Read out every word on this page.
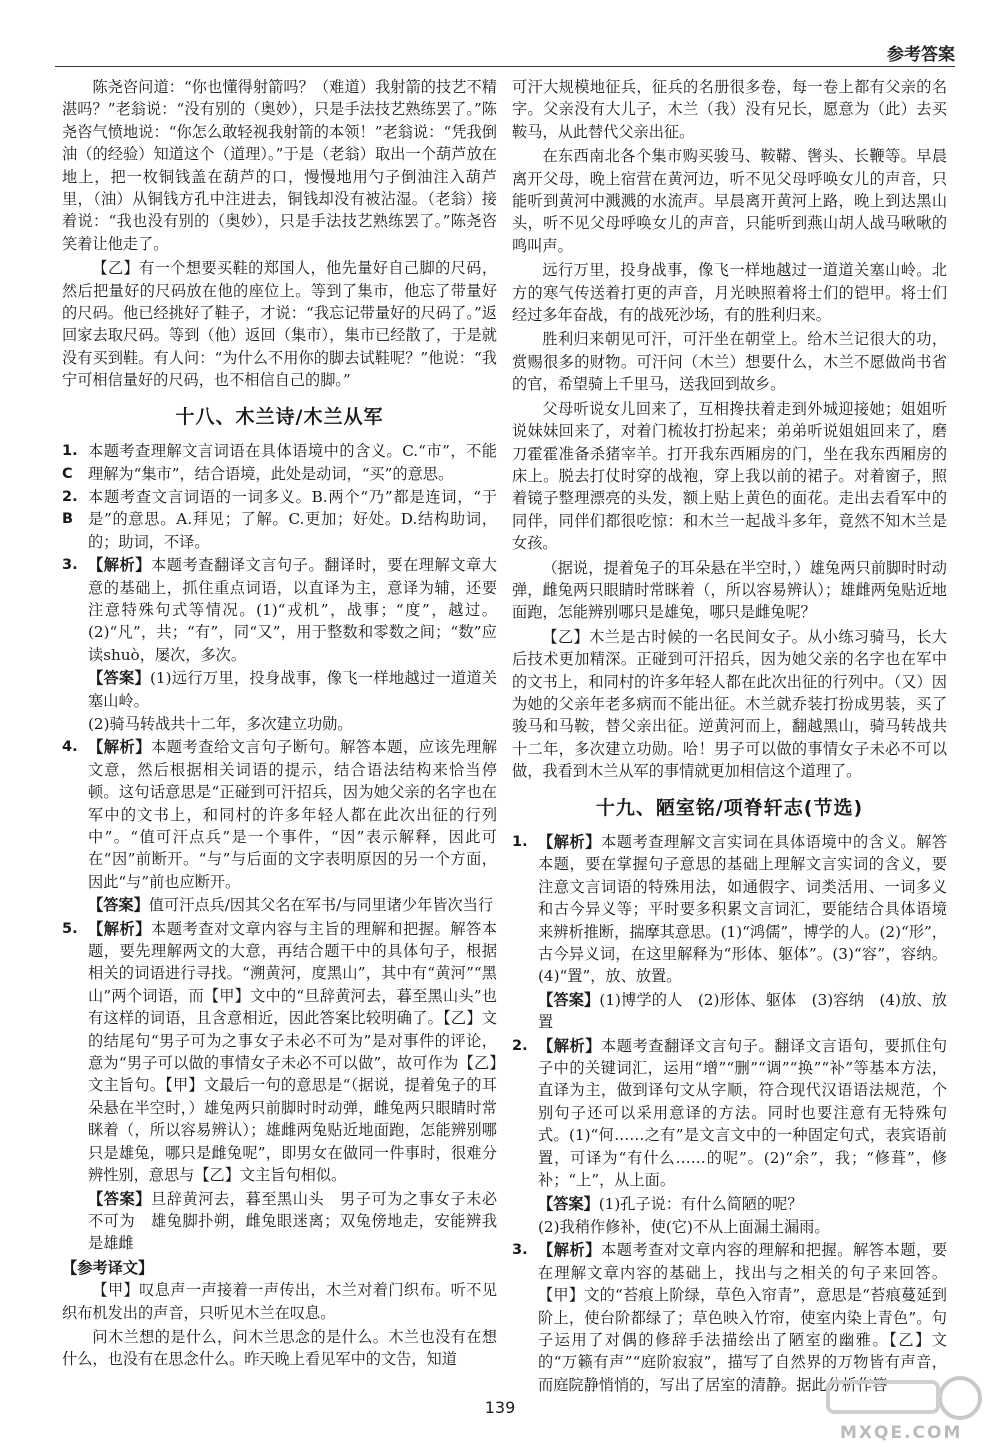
参考答案

陈尧咨问道：“你也懂得射箭吗？（难道）我射箭的技艺不精湛吗？”老翁说：“没有别的（奥妙），只是手法技艺熟练罢了。”陈尧咨气愤地说：“你怎么敢轻视我射箭的本领！”老翁说：“凭我倒油（的经验）知道这个（道理）。”于是（老翁）取出一个葫芦放在地上，把一枚铜钱盖在葫芦的口，慢慢地用勺子倒油注入葫芦里，（油）从铜钱方孔中注进去，铜钱却没有被沾湿。（老翁）接着说：“我也没有别的（奥妙），只是手法技艺熟练罢了。”陈尧咨笑着让他走了。

【乙】有一个想要买鞋的郑国人，他先量好自己脚的尺码，然后把量好的尺码放在他的座位上。等到了集市，他忘了带量好的尺码。他已经挑好了鞋子，才说：“我忘记带量好的尺码了。”返回家去取尺码。等到（他）返回（集市），集市已经散了，于是就没有买到鞋。有人问：“为什么不用你的脚去试鞋呢？”他说：“我宁可相信量好的尺码，也不相信自己的脚。”

十八、木兰诗/木兰从军
1. C
本题考查理解文言词语在具体语境中的含义。C.“市”，不能理解为“集市”，结合语境，此处是动词，“买”的意思。
2. B
本题考查文言词语的一词多义。B.两个“乃”都是连词，“于是”的意思。A.拜见；了解。C.更加；好处。D.结构助词，的；助词，不译。
3. 【解析】本题考查翻译文言句子。翻译时，要在理解文章大意的基础上，抓住重点词语，以直译为主，意译为辅，还要注意特殊句式等情况。(1)“戎机”，战事；“度”，越过。(2)“凡”，共；“有”，同“又”，用于整数和零数之间；“数”应读shuò，屡次，多次。
【答案】(1)远行万里，投身战事，像飞一样地越过一道道关塞山岭。
(2)骑马转战共十二年，多次建立功勋。
4. 【解析】本题考查给文言句子断句。解答本题，应该先理解文意，然后根据相关词语的提示，结合语法结构来恰当停顿。这句话意思是“正碰到可汗招兵，因为她父亲的名字也在军中的文书上，和同村的许多年轻人都在此次出征的行列中”。“值可汗点兵”是一个事件，“因”表示解释，因此可在“因”前断开。“与”与后面的文字表明原因的另一个方面，因此“与”前也应断开。
【答案】值可汗点兵/因其父名在军书/与同里诸少年皆次当行
5. 【解析】本题考查对文章内容与主旨的理解和把握。解答本题，要先理解两文的大意，再结合题干中的具体句子，根据相关的词语进行寻找。“溯黄河，度黑山”，其中有“黄河”“黑山”两个词语，而【甲】文中的“旦辞黄河去，暮至黑山头”也有这样的词语，且含意相近，因此答案比较明确了。【乙】文的结尾句“男子可为之事女子未必不可为”是对事件的评论，意为“男子可以做的事情女子未必不可以做”，故可作为【乙】文主旨句。【甲】文最后一句的意思是“（据说，提着兔子的耳朵悬在半空时，）雄兔两只前脚时时动弹，雌兔两只眼睛时常眯着（，所以容易辨认）；雄雌两兔贴近地面跑，怎能辨别哪只是雄兔，哪只是雌兔呢”，即男女在做同一件事时，很难分辨性别，意思与【乙】文主旨句相似。
【答案】旦辞黄河去，暮至黑山头　男子可为之事女子未必不可为　雄兔脚扑朔，雌兔眼迷离；双兔傍地走，安能辨我是雄雌
【参考译文】

【甲】叹息声一声接着一声传出，木兰对着门织布。听不见织布机发出的声音，只听见木兰在叹息。

问木兰想的是什么，问木兰思念的是什么。木兰也没有在想什么，也没有在思念什么。昨天晚上看见军中的文告，知道

可汗大规模地征兵，征兵的名册很多卷，每一卷上都有父亲的名字。父亲没有大儿子，木兰（我）没有兄长，愿意为（此）去买鞍马，从此替代父亲出征。

在东西南北各个集市购买骏马、鞍鞯、辔头、长鞭等。早晨离开父母，晚上宿营在黄河边，听不见父母呼唤女儿的声音，只能听到黄河中溅溅的水流声。早晨离开黄河上路，晚上到达黑山头，听不见父母呼唤女儿的声音，只能听到燕山胡人战马啾啾的鸣叫声。

远行万里，投身战事，像飞一样地越过一道道关塞山岭。北方的寒气传送着打更的声音，月光映照着将士们的铠甲。将士们经过多年奋战，有的战死沙场，有的胜利归来。

胜利归来朝见可汗，可汗坐在朝堂上。给木兰记很大的功，赏赐很多的财物。可汗问（木兰）想要什么，木兰不愿做尚书省的官，希望骑上千里马，送我回到故乡。

父母听说女儿回来了，互相搀扶着走到外城迎接她；姐姐听说妹妹回来了，对着门梳妆打扮起来；弟弟听说姐姐回来了，磨刀霍霍准备杀猪宰羊。打开我东西厢房的门，坐在我东西厢房的床上。脱去打仗时穿的战袍，穿上我以前的裙子。对着窗子，照着镜子整理漂亮的头发，额上贴上黄色的面花。走出去看军中的同伴，同伴们都很吃惊：和木兰一起战斗多年，竟然不知木兰是女孩。

（据说，提着兔子的耳朵悬在半空时，）雄兔两只前脚时时动弹，雌兔两只眼睛时常眯着（，所以容易辨认）；雄雌两兔贴近地面跑，怎能辨别哪只是雄兔，哪只是雌兔呢？

【乙】木兰是古时候的一名民间女子。从小练习骑马，长大后技术更加精深。正碰到可汗招兵，因为她父亲的名字也在军中的文书上，和同村的许多年轻人都在此次出征的行列中。（又）因为她的父亲年老多病而不能出征。木兰就乔装打扮成男装，买了骏马和马鞍，替父亲出征。逆黄河而上，翻越黑山，骑马转战共十二年，多次建立功勋。哈！男子可以做的事情女子未必不可以做，我看到木兰从军的事情就更加相信这个道理了。

十九、陋室铭/项脊轩志(节选)
1. 【解析】本题考查理解文言实词在具体语境中的含义。解答本题，要在掌握句子意思的基础上理解文言实词的含义，要注意文言词语的特殊用法，如通假字、词类活用、一词多义和古今异义等；平时要多积累文言词汇，要能结合具体语境来辨析推断，揣摩其意思。(1)“鸿儒”，博学的人。(2)“形”，古今异义词，在这里解释为“形体、躯体”。(3)“容”，容纳。(4)“置”，放、放置。
【答案】(1)博学的人　(2)形体、躯体　(3)容纳　(4)放、放置
2. 【解析】本题考查翻译文言句子。翻译文言语句，要抓住句子中的关键词汇，运用“增”“删”“调”“换”“补”等基本方法，直译为主，做到译句文从字顺，符合现代汉语语法规范，个别句子还可以采用意译的方法。同时也要注意有无特殊句式。(1)“何……之有”是文言文中的一种固定句式，表宾语前置，可译为“有什么……的呢”。(2)“余”，我；“修葺”，修补；“上”，从上面。
【答案】(1)孔子说：有什么简陋的呢？
(2)我稍作修补，使(它)不从上面漏土漏雨。
3. 【解析】本题考查对文章内容的理解和把握。解答本题，要在理解文章内容的基础上，找出与之相关的句子来回答。【甲】文的“苔痕上阶绿，草色入帘青”，意思是“苔痕蔓延到阶上，使台阶都绿了；草色映入竹帘，使室内染上青色”。句子运用了对偶的修辞手法描绘出了陋室的幽雅。【乙】文的“万籁有声”“庭阶寂寂”，描写了自然界的万物皆有声音，而庭院静悄悄的，写出了居室的清静。据此分析作答
139
MXQE.COM
